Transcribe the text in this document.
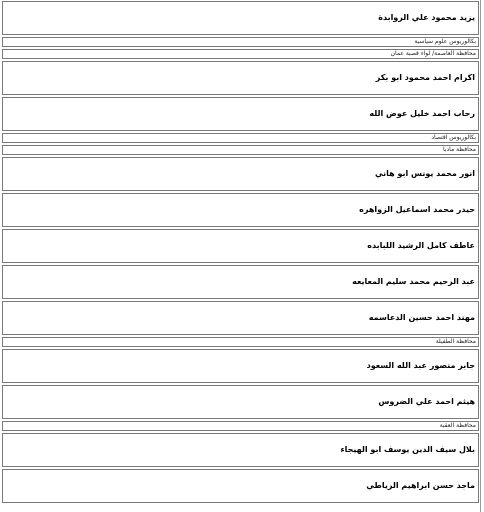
يزيد محمود علي الروابدة
بكالوريوس علوم سياسية
محافظة العاصمة/ لواء قصبة عمان
اكرام احمد محمود ابو بكر
رحاب احمد خليل عوض الله
بكالوريوس اقتصاد
محافظة مادبا
انور محمد يونس ابو هاني
حيدر محمد اسماعيل الزواهره
عاطف كامل الرشيد اللبابده
عبد الرحيم محمد سليم المعايعه
مهند احمد حسين الدعاسمه
محافظة الطفيلة
جابر منصور عبد الله السعود
هيثم احمد علي الضروس
محافظة العقبة
بلال سيف الدين يوسف ابو الهيجاء
ماجد حسن ابراهيم الرياطي
